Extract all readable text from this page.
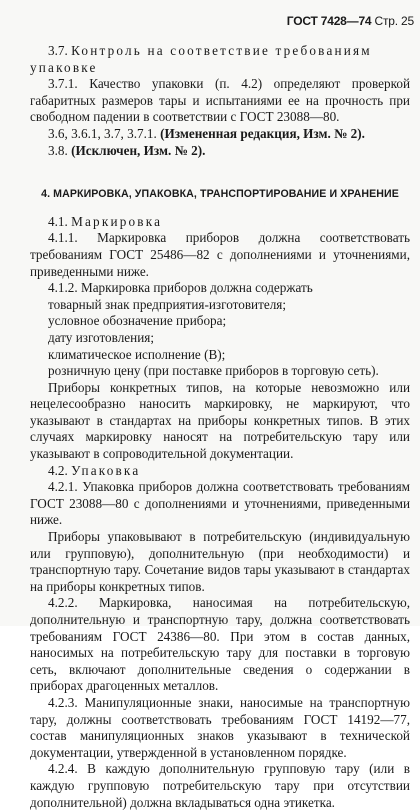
ГОСТ 7428—74 Стр. 25

3.7. Контроль на соответствие требованиям

упаковке

3.7.1. Качество упаковки (п. 4.2) определяют проверкой габаритных размеров тары и испытаниями ее на прочность при свободном падении в соответствии с ГОСТ 23088—80.

3.6, 3.6.1, 3.7, 3.7.1. (Измененная редакция, Изм. № 2).

3.8. (Исключен, Изм. № 2).

4. МАРКИРОВКА, УПАКОВКА, ТРАНСПОРТИРОВАНИЕ И ХРАНЕНИЕ

4.1. Маркировка

4.1.1. Маркировка приборов должна соответствовать требованиям ГОСТ 25486—82 с дополнениями и уточнениями, приведенными ниже.

4.1.2. Маркировка приборов должна содержать

товарный знак предприятия-изготовителя;

условное обозначение прибора;

дату изготовления;

климатическое исполнение (В);

розничную цену (при поставке приборов в торговую сеть).

Приборы конкретных типов, на которые невозможно или нецелесообразно наносить маркировку, не маркируют, что указывают в стандартах на приборы конкретных типов. В этих случаях маркировку наносят на потребительскую тару или указывают в сопроводительной документации.

4.2. Упаковка

4.2.1. Упаковка приборов должна соответствовать требованиям ГОСТ 23088—80 с дополнениями и уточнениями, приведенными ниже.

Приборы упаковывают в потребительскую (индивидуальную или групповую), дополнительную (при необходимости) и транспортную тару. Сочетание видов тары указывают в стандартах на приборы конкретных типов.

4.2.2. Маркировка, наносимая на потребительскую, дополнительную и транспортную тару, должна соответствовать требованиям ГОСТ 24386—80. При этом в состав данных, наносимых на потребительскую тару для поставки в торговую сеть, включают дополнительные сведения о содержании в приборах драгоценных металлов.

4.2.3. Манипуляционные знаки, наносимые на транспортную тару, должны соответствовать требованиям ГОСТ 14192—77, состав манипуляционных знаков указывают в технической документации, утвержденной в установленном порядке.

4.2.4. В каждую дополнительную групповую тару (или в каждую групповую потребительскую тару при отсутствии дополнительной) должна вкладываться одна этикетка.
